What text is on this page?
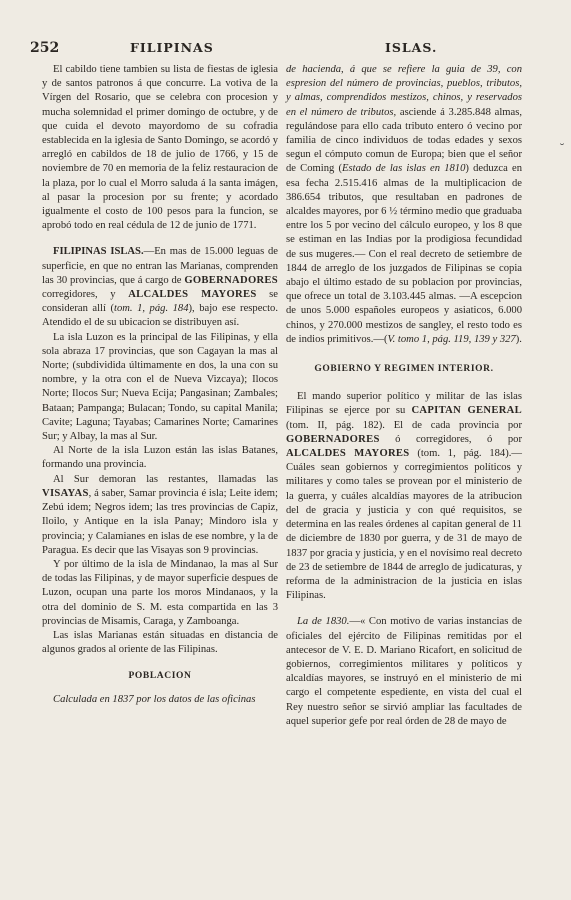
252	FILIPINAS	ISLAS.

El cabildo tiene tambien su lista de fiestas de iglesia y de santos patronos á que concurre. La votiva de la Vírgen del Rosario, que se celebra con procesion y mucha solemnidad el primer domingo de octubre, y de que cuida el devoto mayordomo de su cofradia establecida en la iglesia de Santo Domingo, se acordó y arregló en cabildos de 18 de julio de 1766, y 15 de noviembre de 70 en memoria de la feliz restauracion de la plaza, por lo cual el Morro saluda á la santa imágen, al pasar la procesion por su frente; y acordado igualmente el costo de 100 pesos para la funcion, se aprobó todo en real cédula de 12 de junio de 1771.

FILIPINAS ISLAS.—En mas de 15.000 leguas de superficie, en que no entran las Marianas, comprenden las 30 provincias, que á cargo de GOBERNADORES corregidores, y ALCALDES MAYORES se consideran allí (tom. 1, pág. 184), bajo ese respecto. Atendido el de su ubicacion se distribuyen así.

La isla Luzon es la principal de las Filipinas, y ella sola abraza 17 provincias, que son Cagayan la mas al Norte; (subdividida últimamente en dos, la una con su nombre, y la otra con el de Nueva Vizcaya); Ilocos Norte; Ilocos Sur; Nueva Ecija; Pangasinan; Zambales; Bataan; Pampanga; Bulacan; Tondo, su capital Manila; Cavite; Laguna; Tayabas; Camarines Norte; Camarines Sur; y Albay, la mas al Sur.

Al Norte de la isla Luzon están las islas Batanes, formando una provincia.

Al Sur demoran las restantes, llamadas las VISAYAS, á saber, Samar provincia é isla; Leite idem; Zebú idem; Negros idem; las tres provincias de Capiz, Iloilo, y Antique en la isla Panay; Mindoro isla y provincia; y Calamianes en islas de ese nombre, y la de Paragua. Es decir que las Visayas son 9 provincias.

Y por último de la isla de Mindanao, la mas al Sur de todas las Filipinas, y de mayor superficie despues de Luzon, ocupan una parte los moros Mindanaos, y la otra del dominio de S. M. esta compartida en las 3 provincias de Misamis, Caraga, y Zamboanga.

Las islas Marianas están situadas en distancia de algunos grados al oriente de las Filipinas.

POBLACION

Calculada en 1837 por los datos de las oficinas

de hacienda, á que se refiere la guia de 39, con espresion del número de provincias, pueblos, tributos, y almas, comprendidos mestizos, chinos, y reservados en el número de tributos, asciende á 3.285.848 almas, regulándose para ello cada tributo entero ó vecino por familia de cinco individuos de todas edades y sexos segun el cómputo comun de Europa; bien que el señor de Coming (Estado de las islas en 1810) deduzca en esa fecha 2.515.416 almas de la multiplicacion de 386.654 tributos, que resultaban en padrones de alcaldes mayores, por 6 ½ término medio que graduaba entre los 5 por vecino del cálculo europeo, y los 8 que se estiman en las Indias por la prodigiosa fecundidad de sus mugeres.— Con el real decreto de setiembre de 1844 de arreglo de los juzgados de Filipinas se copia abajo el último estado de su poblacion por provincias, que ofrece un total de 3.103.445 almas. —A escepcion de unos 5.000 españoles europeos y asiaticos, 6.000 chinos, y 270.000 mestizos de sangley, el resto todo es de indios primitivos.—(V. tomo 1, pág. 119, 139 y 327).

GOBIERNO Y REGIMEN INTERIOR.

El mando superior político y militar de las islas Filipinas se ejerce por su CAPITAN GENERAL (tom. II, pág. 182). El de cada provincia por GOBERNADORES ó corregidores, ó por ALCALDES MAYORES (tom. 1, pág. 184).—Cuáles sean gobiernos y corregimientos políticos y militares y como tales se provean por el ministerio de la guerra, y cuáles alcaldías mayores de la atribucion del de gracia y justicia y con qué requisitos, se determina en las reales órdenes al capitan general de 11 de diciembre de 1830 por guerra, y de 31 de mayo de 1837 por gracia y justicia, y en el novísimo real decreto de 23 de setiembre de 1844 de arreglo de judicaturas, y reforma de la administracion de la justicia en islas Filipinas.

La de 1830.—« Con motivo de varias instancias de oficiales del ejército de Filipinas remitidas por el antecesor de V. E. D. Mariano Ricafort, en solicitud de gobiernos, corregimientos militares y políticos y alcaldías mayores, se instruyó en el ministerio de mi cargo el competente espediente, en vista del cual el Rey nuestro señor se sirvió ampliar las facultades de aquel superior gefe por real órden de 28 de mayo de

˘
